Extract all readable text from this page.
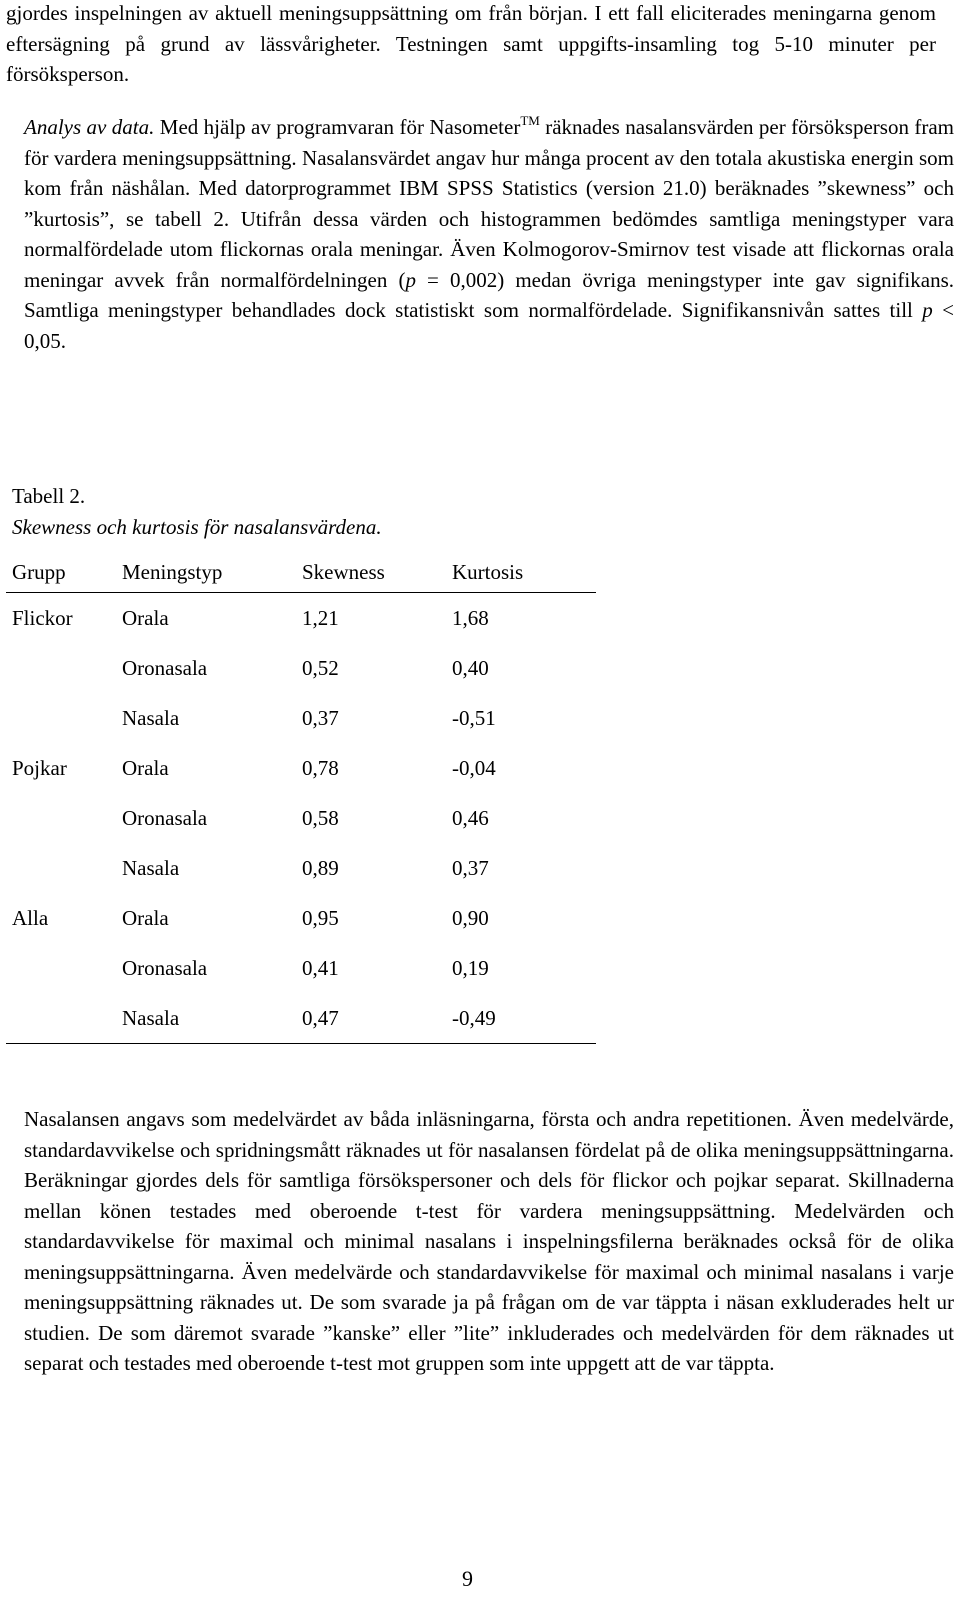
gjordes inspelningen av aktuell meningsuppsättning om från början. I ett fall eliciterades meningarna genom eftersägning på grund av lässvårigheter. Testningen samt uppgifts-insamling tog 5-10 minuter per försöksperson.

Analys av data. Med hjälp av programvaran för Nasometer™ räknades nasalansvärden per försöksperson fram för vardera meningsuppsättning. Nasalansvärdet angav hur många procent av den totala akustiska energin som kom från näshålan. Med datorprogrammet IBM SPSS Statistics (version 21.0) beräknades ”skewness” och ”kurtosis”, se tabell 2. Utifrån dessa värden och histogrammen bedömdes samtliga meningstyper vara normalfördelade utom flickornas orala meningar. Även Kolmogorov-Smirnov test visade att flickornas orala meningar avvek från normalfördelningen (p = 0,002) medan övriga meningstyper inte gav signifikans. Samtliga meningstyper behandlades dock statistiskt som normalfördelade. Signifikansnivån sattes till p < 0,05.

Tabell 2.
Skewness och kurtosis för nasalansvärdena.
Grupp	Meningstyp	Skewness	Kurtosis
Flickor	Orala	1,21	1,68
	Oronasala	0,52	0,40
	Nasala	0,37	-0,51
Pojkar	Orala	0,78	-0,04
	Oronasala	0,58	0,46
	Nasala	0,89	0,37
Alla	Orala	0,95	0,90
	Oronasala	0,41	0,19
	Nasala	0,47	-0,49

Nasalansen angavs som medelvärdet av båda inläsningarna, första och andra repetitionen. Även medelvärde, standardavvikelse och spridningsmått räknades ut för nasalansen fördelat på de olika meningsuppsättningarna. Beräkningar gjordes dels för samtliga försökspersoner och dels för flickor och pojkar separat. Skillnaderna mellan könen testades med oberoende t-test för vardera meningsuppsättning. Medelvärden och standardavvikelse för maximal och minimal nasalans i inspelningsfilerna beräknades också för de olika meningsuppsättningarna. Även medelvärde och standardavvikelse för maximal och minimal nasalans i varje meningsuppsättning räknades ut. De som svarade ja på frågan om de var täppta i näsan exkluderades helt ur studien. De som däremot svarade ”kanske” eller ”lite” inkluderades och medelvärden för dem räknades ut separat och testades med oberoende t-test mot gruppen som inte uppgett att de var täppta.

9
